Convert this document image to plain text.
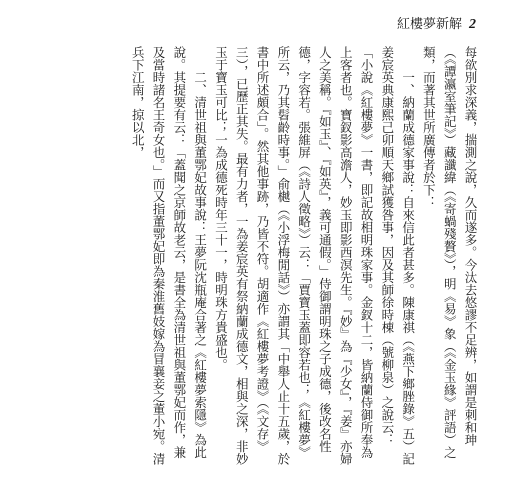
紅樓夢新解 2

每欲別求深義，揣測之說，久而遂多。今汰去悠謬不足辨，如謂是刺和珅（《譚瀛室筆記》）藏讖緯（《寄蝸殘贅》），明《易》象（《金玉緣》評語）之類，而著其世所廣傳者於下：

一、納蘭成德家事說：自來信此者甚多。陳康祺（《燕下鄉脞錄》五）記姜宸英典康熙己卯順天鄉試獲咎事，因及其師徐時棟（號柳泉）之說云：「小說《紅樓夢》一書，即記故相明珠家事。金釵十二，皆納蘭侍御所奉為上客者也。寶釵影高澹人，妙玉即影西溟先生。『妙』為『少女』，『姜』亦婦人之美稱。『如玉』、『如英』，義可通假。」侍御謂明珠之子成德，後改名性德，字容若。張維屏（《詩人徵略》）云：「賈寶玉蓋即容若也；《紅樓夢》所云，乃其髫齡時事。」俞樾（《小浮梅閒話》）亦謂其「中舉人止十五歲，於書中所述頗合」。然其他事跡，乃皆不符。胡適作《紅樓夢考證》（《文存》三），已歷正其失。最有力者，一為姜宸英有祭納蘭成德文，相與之深，非妙玉于寶玉可比；一為成德死時年三十一，時明珠方貴盛也。

二、清世祖與董鄂妃故事說：王夢阮沈瓶庵合著之《紅樓夢索隱》為此說。其提要有云：「蓋聞之京師故老云，是書全為清世祖與董鄂妃而作，兼及當時諸名王奇女也。」而又指董鄂妃即為秦淮舊妓嫁為冒襄妾之董小宛。清兵下江南，掠以北，
